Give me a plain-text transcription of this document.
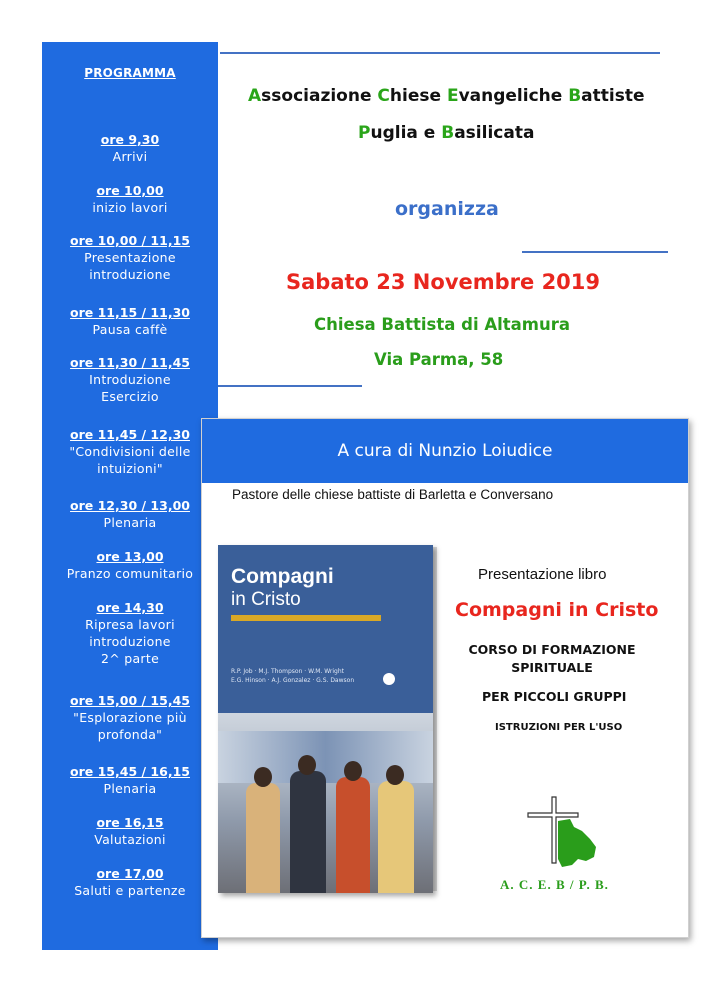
PROGRAMMA
ore 9,30
Arrivi
ore 10,00
inizio lavori
ore 10,00 / 11,15
Presentazione
introduzione
ore 11,15 / 11,30
Pausa caffè
ore 11,30 / 11,45
Introduzione
Esercizio
ore 11,45 / 12,30
"Condivisioni delle
intuizioni"
ore 12,30 / 13,00
Plenaria
ore 13,00
Pranzo comunitario
ore 14,30
Ripresa lavori
introduzione
2^ parte
ore 15,00 / 15,45
"Esplorazione più
profonda"
ore 15,45 / 16,15
Plenaria
ore 16,15
Valutazioni
ore 17,00
Saluti e partenze
Associazione Chiese Evangeliche Battiste
Puglia e Basilicata
organizza
Sabato 23 Novembre 2019
Chiesa Battista di Altamura
Via Parma, 58
A cura di Nunzio Loiudice
Pastore delle chiese battiste di Barletta e Conversano
Compagni
in Cristo
R.P. Job · M.J. Thompson · W.M. Wright
E.G. Hinson · A.J. Gonzalez · G.S. Dawson
Presentazione libro
Compagni in Cristo
CORSO DI FORMAZIONE
SPIRITUALE
PER PICCOLI GRUPPI
ISTRUZIONI PER L'USO
A. C. E. B / P. B.
